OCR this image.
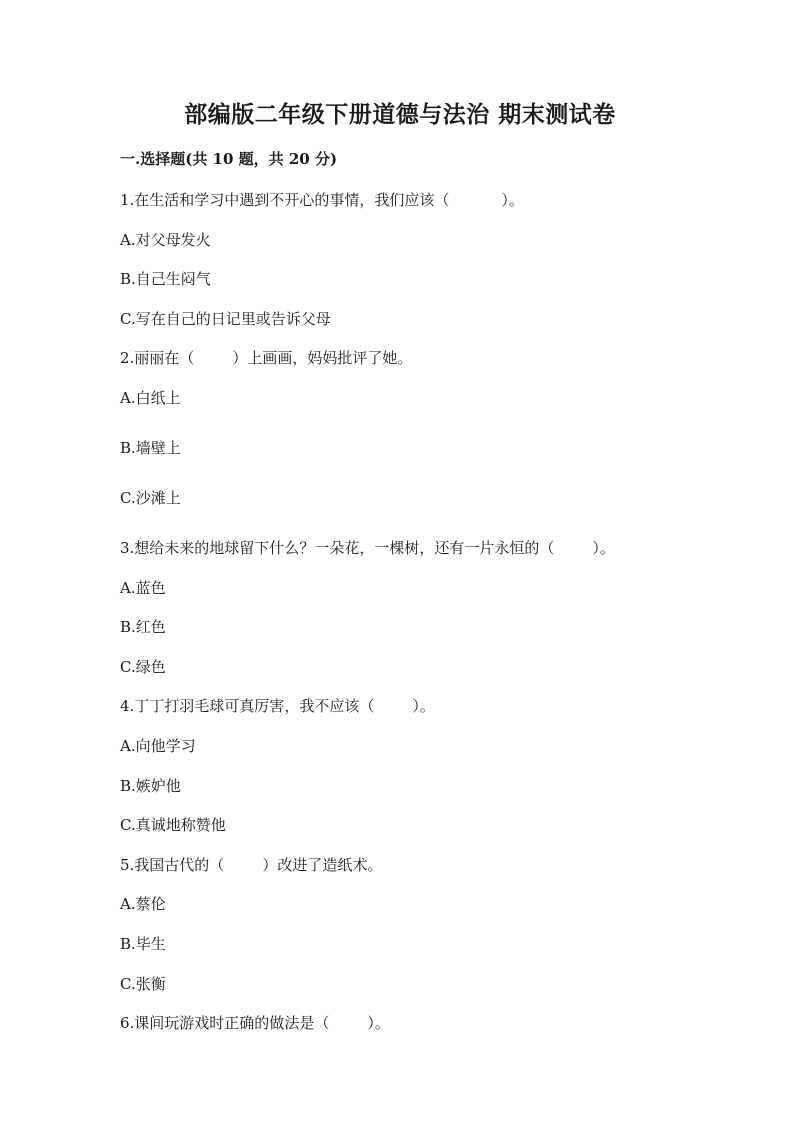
部编版二年级下册道德与法治 期末测试卷
一.选择题(共 10 题，共 20 分)
1.在生活和学习中遇到不开心的事情，我们应该（	）。
A.对父母发火
B.自己生闷气
C.写在自己的日记里或告诉父母
2.丽丽在（	）上画画，妈妈批评了她。
A.白纸上
B.墙壁上
C.沙滩上
3.想给未来的地球留下什么？一朵花，一棵树，还有一片永恒的（	）。
A.蓝色
B.红色
C.绿色
4.丁丁打羽毛球可真厉害，我不应该（	）。
A.向他学习
B.嫉妒他
C.真诚地称赞他
5.我国古代的（	）改进了造纸术。
A.蔡伦
B.毕生
C.张衡
6.课间玩游戏时正确的做法是（	）。
